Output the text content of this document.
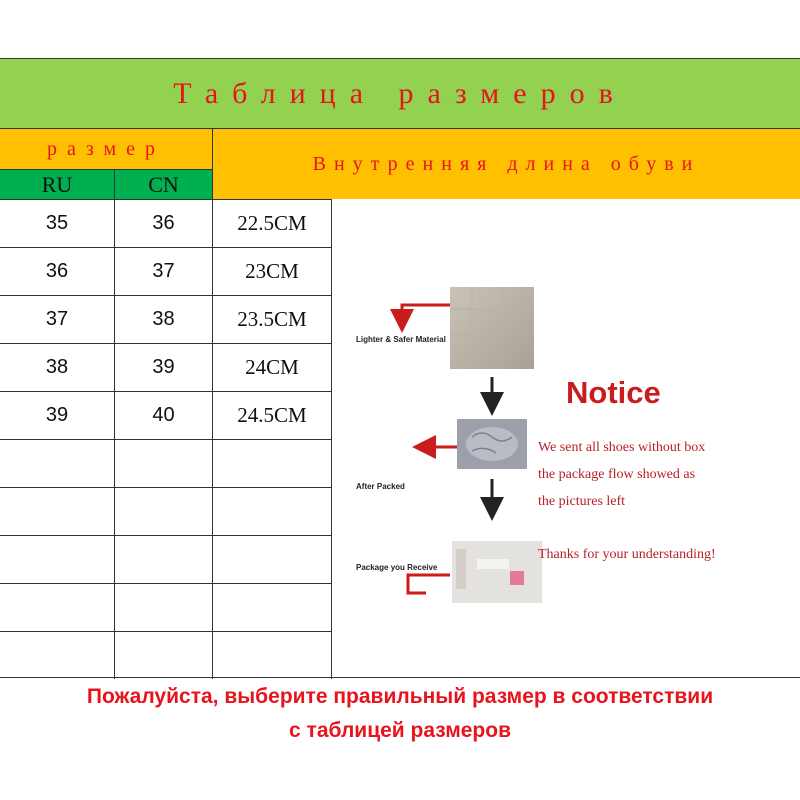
Таблица размеров
размер
RU	CN
Внутренняя длина обуви
35	36	22.5CM
36	37	23CM
37	38	23.5CM
38	39	24CM
39	40	24.5CM
Lighter & Safer Material
After Packed
Package you Receive
Notice
We sent all shoes without box
the package flow showed as
the pictures left
Thanks for your understanding!
Пожалуйста, выберите правильный размер в соответствии
с таблицей размеров
